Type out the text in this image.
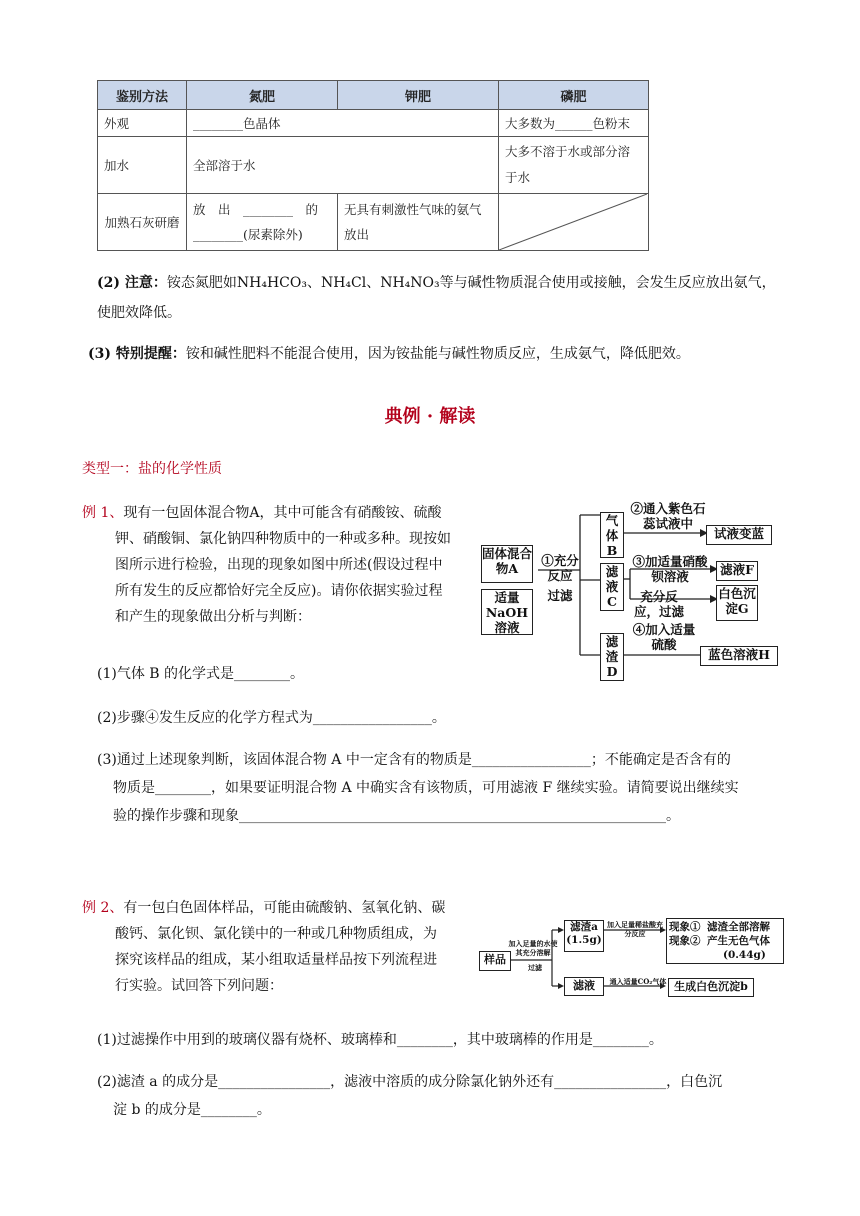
鉴别方法	氮肥	钾肥	磷肥
外观	________色晶体		大多数为______色粉末
加水	全部溶于水		大多不溶于水或部分溶于水
加熟石灰研磨	放　出　________　的 ________(尿素除外)	无具有刺激性气味的氨气放出	
(2) 注意：铵态氮肥如NH₄HCO₃、NH₄Cl、NH₄NO₃等与碱性物质混合使用或接触，会发生反应放出氨气，使肥效降低。
(3) 特别提醒：铵和碱性肥料不能混合使用，因为铵盐能与碱性物质反应，生成氨气，降低肥效。
典例 · 解读
类型一：盐的化学性质
例 1、现有一包固体混合物A，其中可能含有硝酸铵、硫酸
钾、硝酸铜、氯化钠四种物质中的一种或多种。现按如
图所示进行检验，出现的现象如图中所述(假设过程中
所有发生的反应都恰好完全反应)。请你依据实验过程
和产生的现象做出分析与判断：
固体混合物A
适量NaOH溶液
①充分反应
过滤
气体B
滤液C
滤渣D
②通入紫色石蕊试液中
试液变蓝
③加适量硝酸钡溶液
充分反应，过滤
滤液F
白色沉淀G
④加入适量硫酸
蓝色溶液H
(1)气体 B 的化学式是________。
(2)步骤④发生反应的化学方程式为_________________。
(3)通过上述现象判断，该固体混合物 A 中一定含有的物质是_________________；不能确定是否含有的
物质是________，如果要证明混合物 A 中确实含有该物质，可用滤液 F 继续实验。请简要说出继续实
验的操作步骤和现象_____________________________________________________________。
例 2、有一包白色固体样品，可能由硫酸钠、氢氧化钠、碳
酸钙、氯化钡、氯化镁中的一种或几种物质组成，为
探究该样品的组成，某小组取适量样品按下列流程进
行实验。试回答下列问题：
样品
加入足量的水使其充分溶解
过滤
滤渣a (1.5g)
加入足量稀盐酸充分反应
现象①
现象②
滤渣全部溶解
产生无色气体
(0.44g)
滤液	通入适量CO₂气体 生成白色沉淀b
(1)过滤操作中用到的玻璃仪器有烧杯、玻璃棒和________，其中玻璃棒的作用是________。
(2)滤渣 a 的成分是________________，滤液中溶质的成分除氯化钠外还有________________，白色沉
淀 b 的成分是________。
